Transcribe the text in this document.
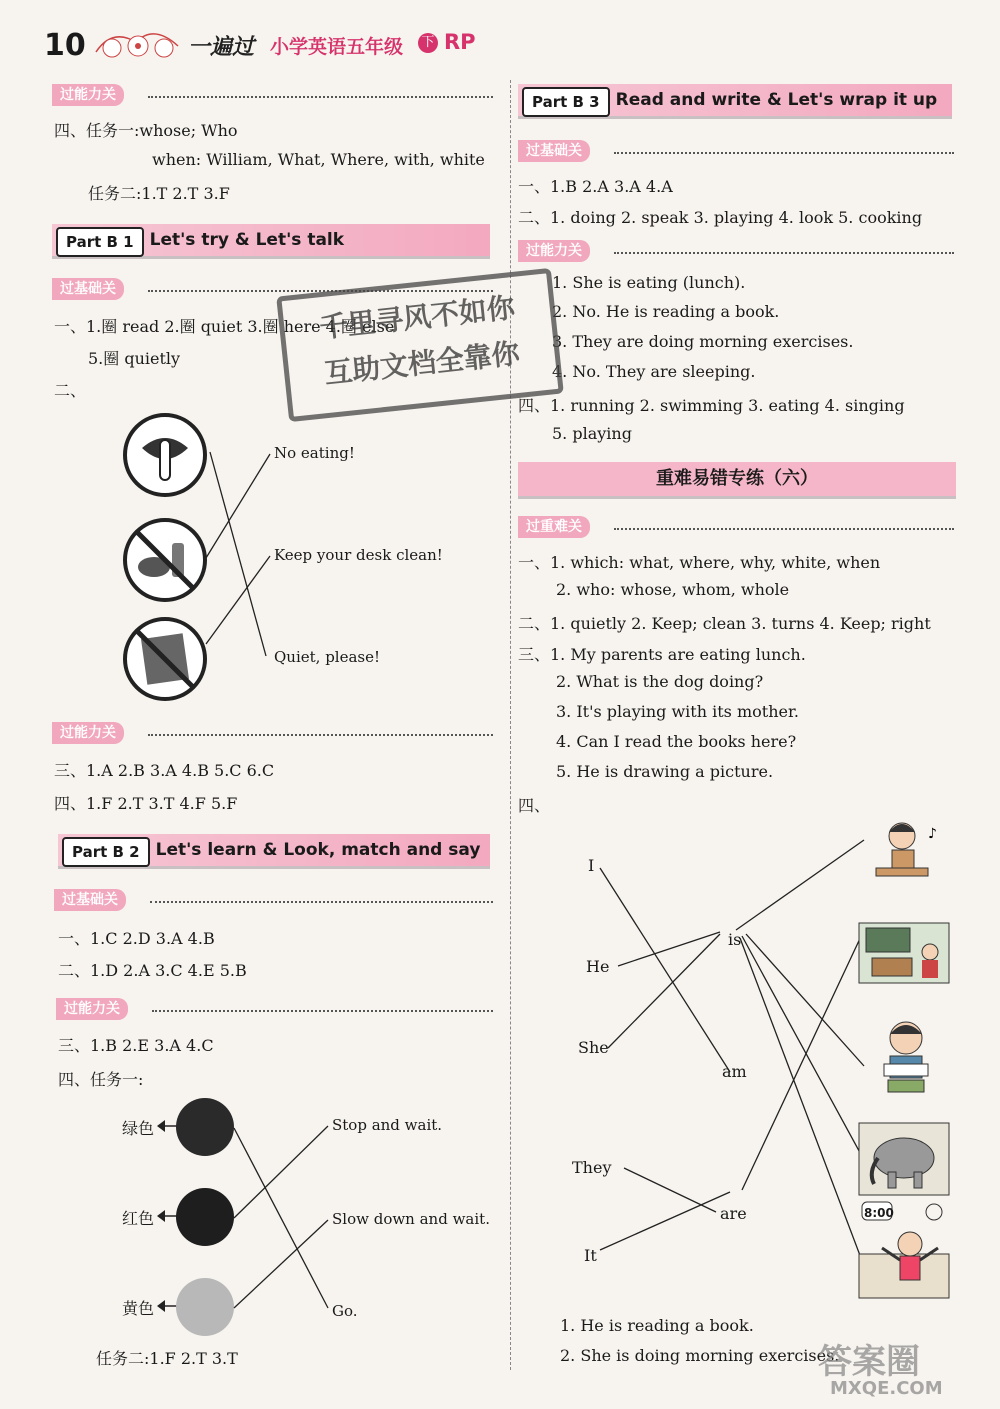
10	一遍过 小学英语五年级 下 RP
过能力关
四、任务一:whose; Who
when: William, What, Where, with, white
任务二:1.T 2.T 3.F
Part B 1 Let's try & Let's talk
过基础关
一、1.圈 read 2.圈 quiet 3.圈 here 4.圈 else
5.圈 quietly
二、
No eating!
Keep your desk clean!
Quiet, please!
过能力关
三、1.A 2.B 3.A 4.B 5.C 6.C
四、1.F 2.T 3.T 4.F 5.F
Part B 2 Let's learn & Look, match and say
过基础关
一、1.C 2.D 3.A 4.B
二、1.D 2.A 3.C 4.E 5.B
过能力关
三、1.B 2.E 3.A 4.C
四、任务一:
绿色
红色
黄色
Stop and wait.
Slow down and wait.
Go.
任务二:1.F 2.T 3.T
Part B 3 Read and write & Let's wrap it up
过基础关
一、1.B 2.A 3.A 4.A
二、1. doing 2. speak 3. playing 4. look 5. cooking
过能力关
1. She is eating (lunch).
2. No. He is reading a book.
3. They are doing morning exercises.
4. No. They are sleeping.
四、1. running 2. swimming 3. eating 4. singing
5. playing
重难易错专练（六）
过重难关
一、1. which: what, where, why, white, when
2. who: whose, whom, whole
二、1. quietly 2. Keep; clean 3. turns 4. Keep; right
三、1. My parents are eating lunch.
2. What is the dog doing?
3. It's playing with its mother.
4. Can I read the books here?
5. He is drawing a picture.
四、
I
He
She
They
It
is
am
are
♪
8:00
1. He is reading a book.
2. She is doing morning exercises.
千里寻风不如你
互助文档全靠你
答案圈
MXQE.COM
